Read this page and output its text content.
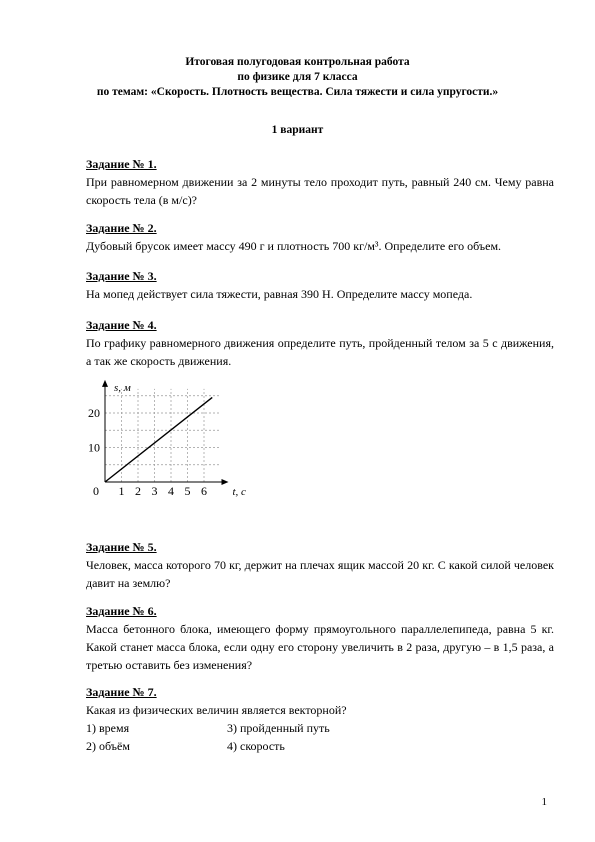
Итоговая полугодовая контрольная работа
по физике для 7 класса
по темам: «Скорость. Плотность вещества. Сила тяжести и сила упругости.»
1 вариант
Задание № 1.
При равномерном движении за 2 минуты тело проходит путь, равный 240 см. Чему равна скорость тела (в м/с)?
Задание № 2.
Дубовый брусок имеет массу 490 г и плотность 700 кг/м³. Определите его объем.
Задание № 3.
На мопед действует сила тяжести, равная 390 Н. Определите массу мопеда.
Задание № 4.
По графику равномерного движения определите путь, пройденный телом за 5 с движения, а так же скорость движения.
1 2 3 4 5 6
10
20
0	t, с
s, м
Задание № 5.
Человек, масса которого 70 кг, держит на плечах ящик массой 20 кг. С какой силой человек давит на землю?
Задание № 6.
Масса бетонного блока, имеющего форму прямоугольного параллелепипеда, равна 5 кг. Какой станет масса блока, если одну его сторону увеличить в 2 раза, другую – в 1,5 раза, а третью оставить без изменения?
Задание № 7.
Какая из физических величин является векторной?
1) время	3) пройденный путь
2) объём	4) скорость
1
